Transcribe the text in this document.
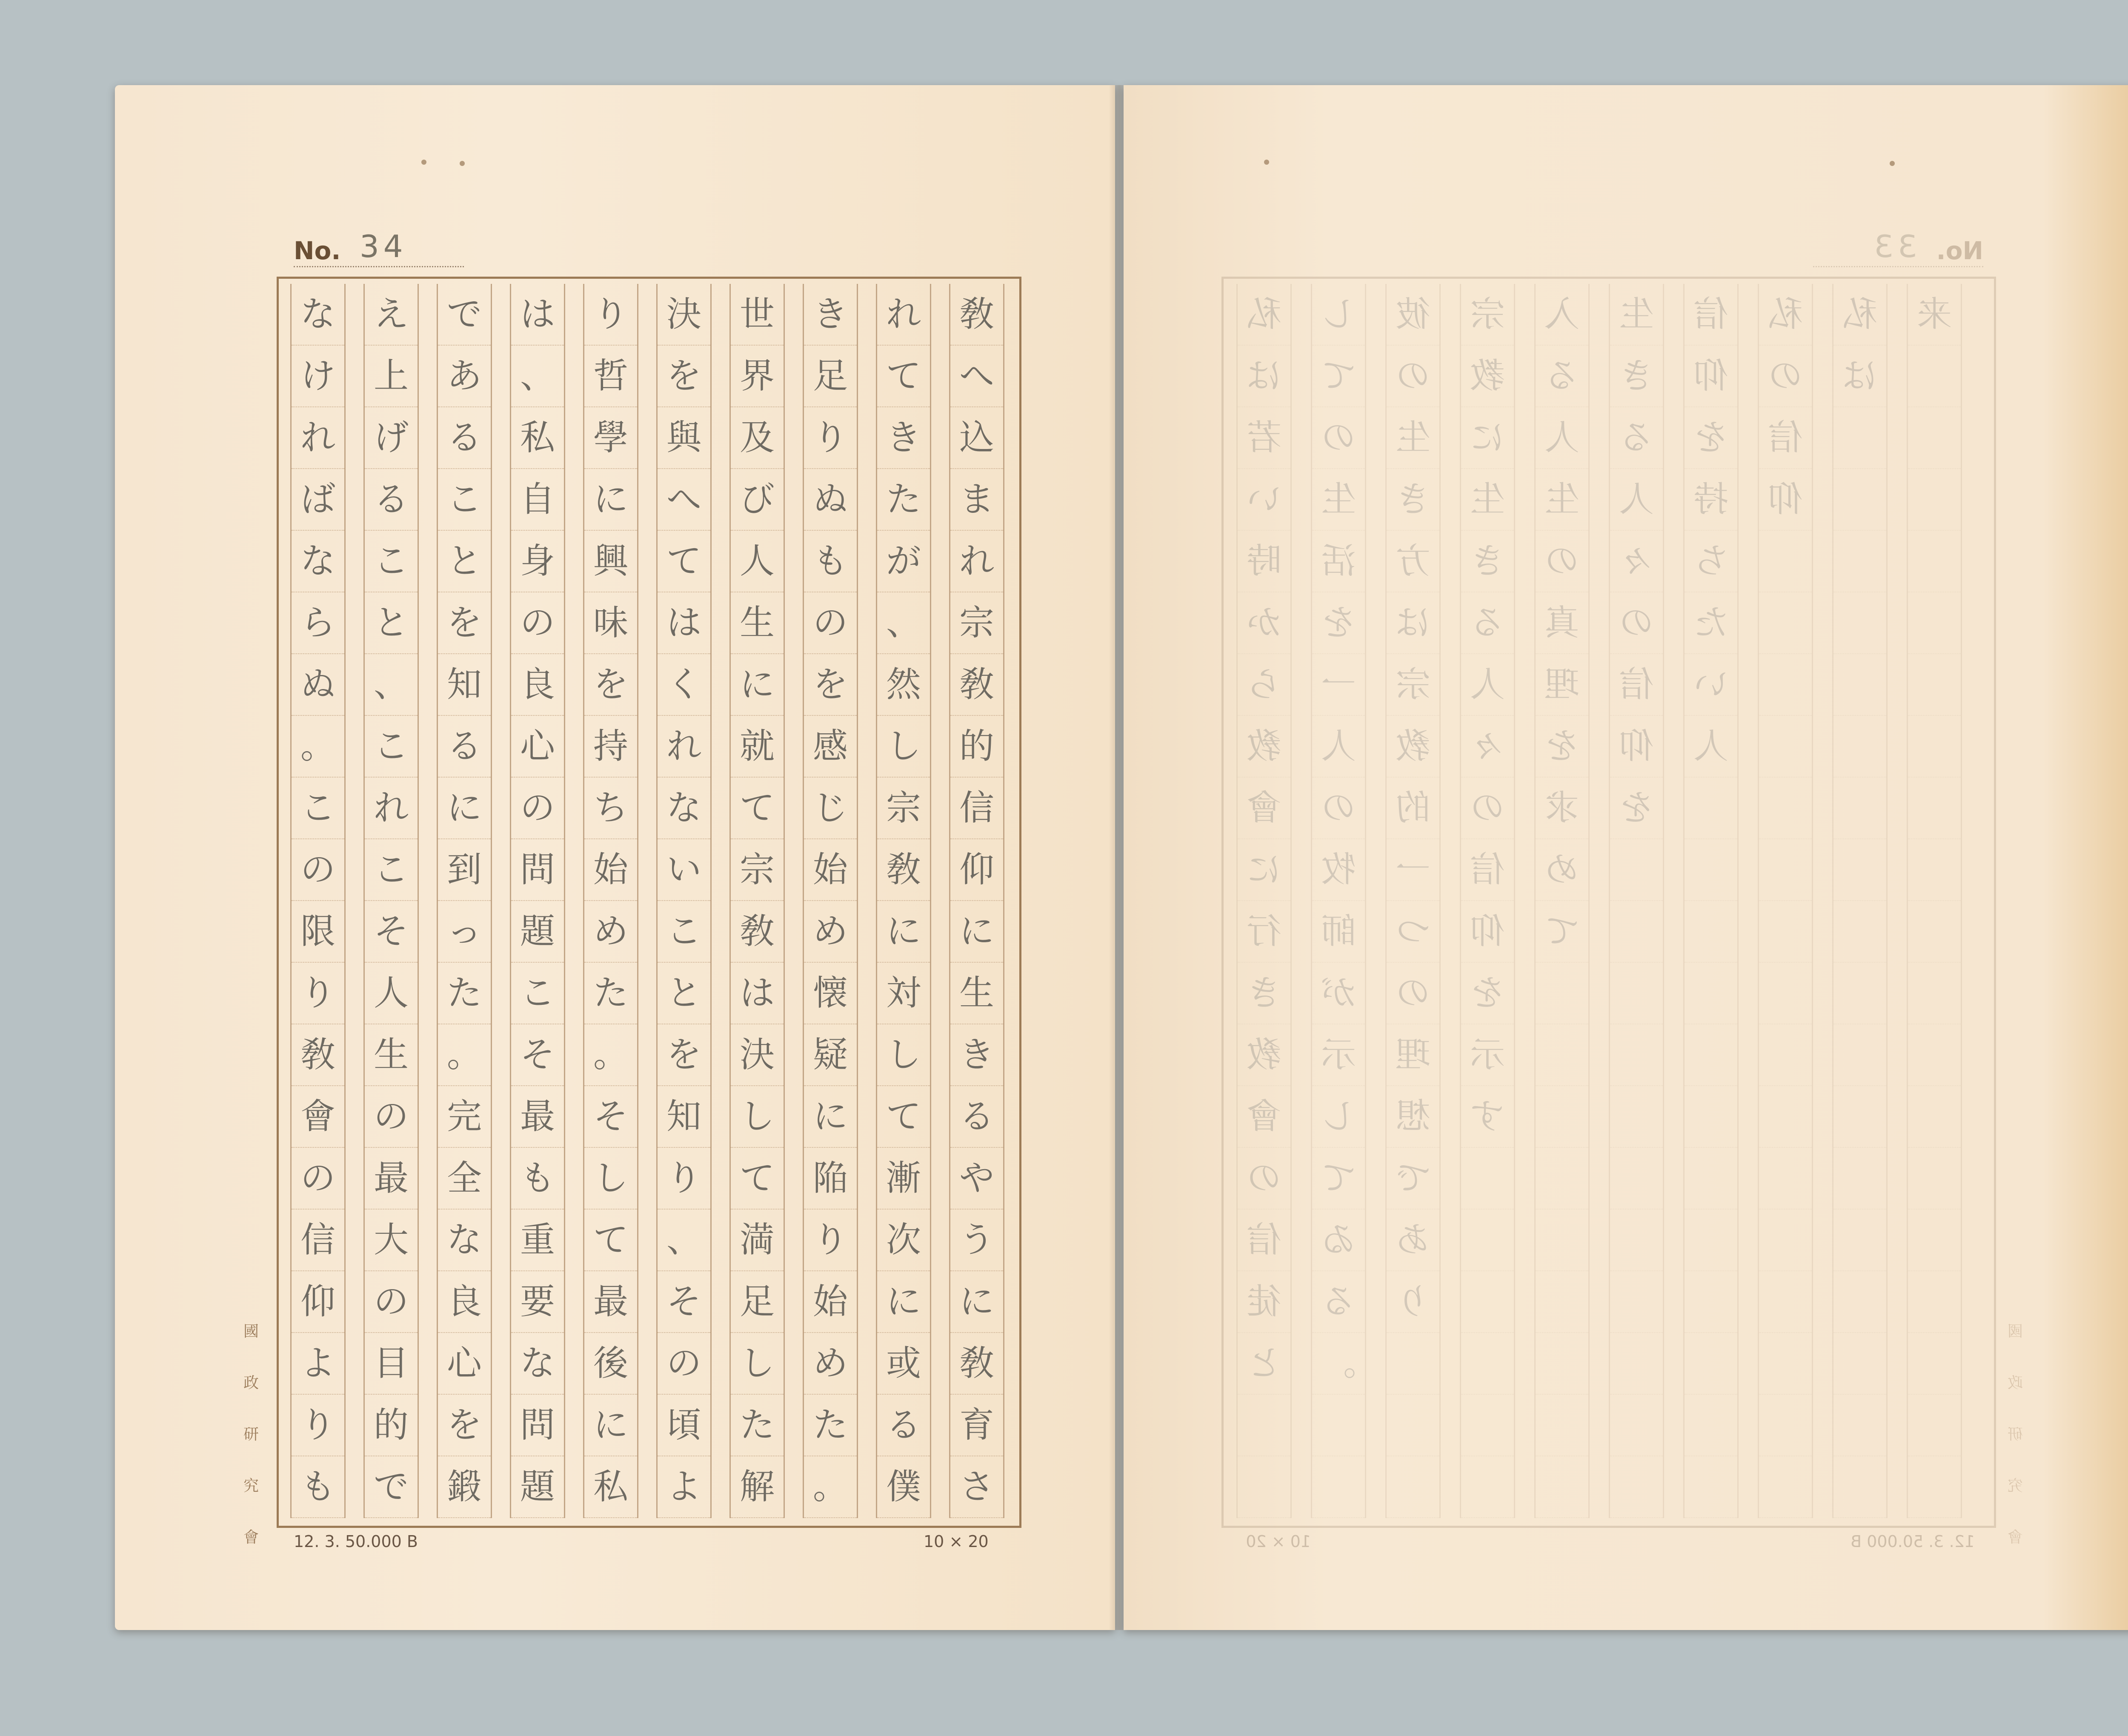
No. 34
敎
へ
込
ま
れ
宗
敎
的
信
仰
に
生
き
る
や
う
に
敎
育
さ
れ
て
き
た
が
、
然
し
宗
敎
に
対
し
て
漸
次
に
或
る
僕
き
足
り
ぬ
も
の
を
感
じ
始
め
懐
疑
に
陥
り
始
め
た
。
世
界
及
び
人
生
に
就
て
宗
敎
は
決
し
て
満
足
し
た
解
決
を
與
へ
て
は
く
れ
な
い
こ
と
を
知
り
、
そ
の
頃
よ
り
哲
學
に
興
味
を
持
ち
始
め
た
。
そ
し
て
最
後
に
私
は
、
私
自
身
の
良
心
の
問
題
こ
そ
最
も
重
要
な
問
題
で
あ
る
こ
と
を
知
る
に
到
っ
た
。
完
全
な
良
心
を
鍛
え
上
げ
る
こ
と
、
こ
れ
こ
そ
人
生
の
最
大
の
目
的
で
な
け
れ
ば
な
ら
ぬ
。
こ
の
限
り
敎
會
の
信
仰
よ
り
も
國
政
研
究
會 12. 3. 50.000 B	10 × 20
No.
33
私
は
若
い
時
か
ら
敎
會
に
行
き
敎
會
の
信
徒
と
し
て
の
生
活
を
一
人
の
牧
師
が
示
し
て
ゐ
る
。
彼
の
生
き
方
は
宗
敎
的
一
つ
の
理
想
で
あ
り
宗
教
に
生
き
る
人
々
の
信
仰
を
示
す
入
る
人
生
の
真
理
を
求
め
て
生
き
る
人
々
の
信
仰
を
信
仰
を
持
ち
た
い
人
私
の
信
仰
私
は
来
國
政
研
究
會
12. 3. 50.000 B
10 × 20
